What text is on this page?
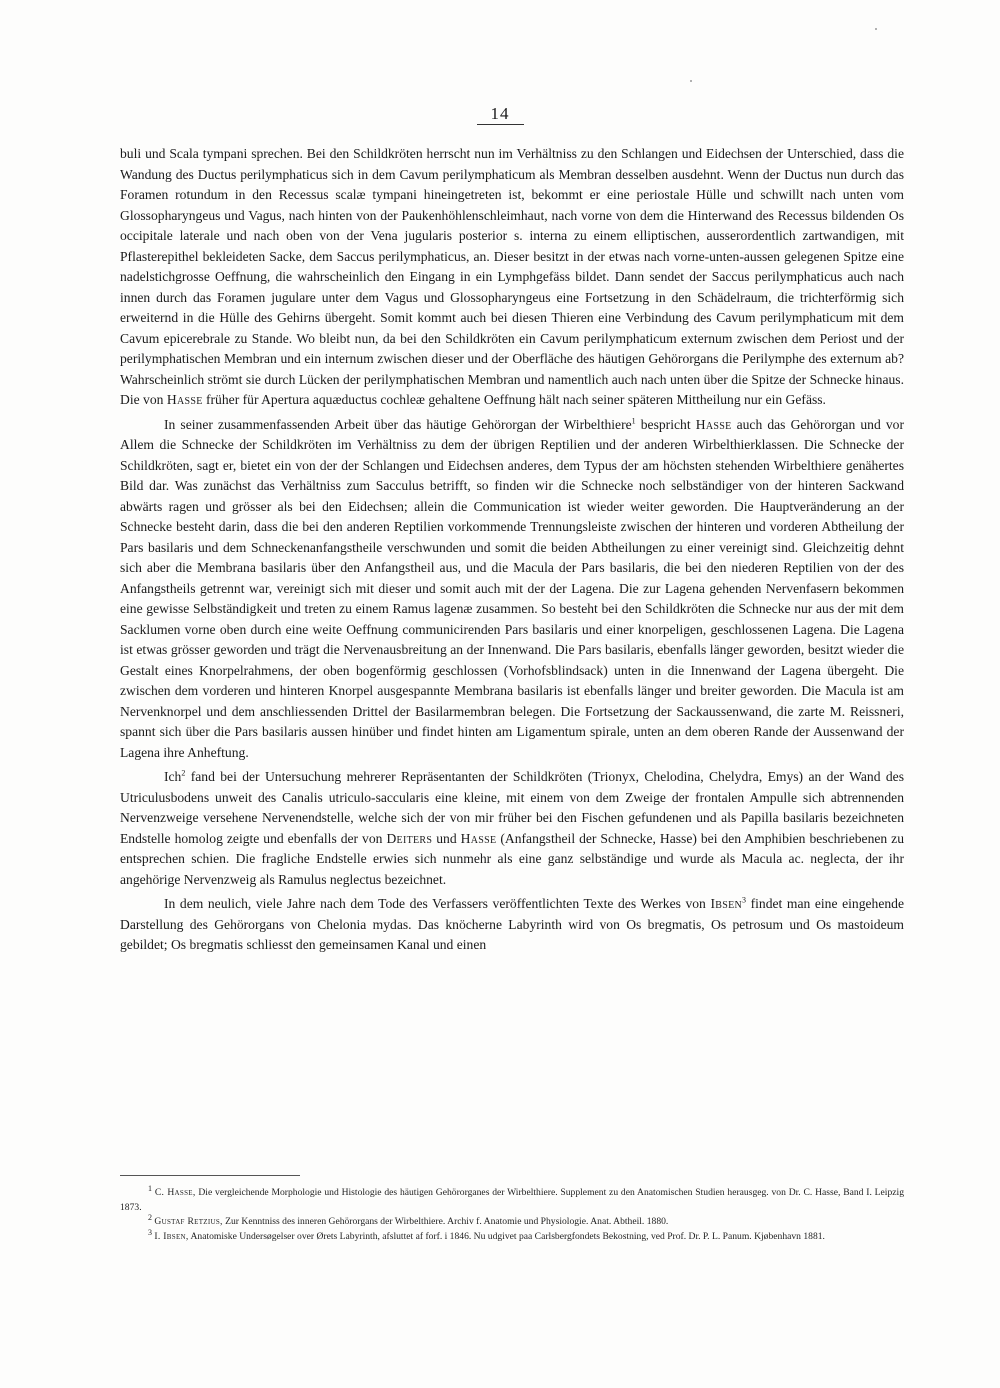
14

buli und Scala tympani sprechen. Bei den Schildkröten herrscht nun im Verhältniss zu den Schlangen und Eidechsen der Unterschied, dass die Wandung des Ductus perilymphaticus sich in dem Cavum perilymphaticum als Membran desselben ausdehnt. Wenn der Ductus nun durch das Foramen rotundum in den Recessus scalæ tympani hineingetreten ist, bekommt er eine periostale Hülle und schwillt nach unten vom Glossopharyngeus und Vagus, nach hinten von der Paukenhöhlenschleimhaut, nach vorne von dem die Hinterwand des Recessus bildenden Os occipitale laterale und nach oben von der Vena jugularis posterior s. interna zu einem elliptischen, ausserordentlich zartwandigen, mit Pflasterepithel bekleideten Sacke, dem Saccus perilymphaticus, an. Dieser besitzt in der etwas nach vorne-unten-aussen gelegenen Spitze eine nadelstichgrosse Oeffnung, die wahrscheinlich den Eingang in ein Lymphgefäss bildet. Dann sendet der Saccus perilymphaticus auch nach innen durch das Foramen jugulare unter dem Vagus und Glossopharyngeus eine Fortsetzung in den Schädelraum, die trichterförmig sich erweiternd in die Hülle des Gehirns übergeht. Somit kommt auch bei diesen Thieren eine Verbindung des Cavum perilymphaticum mit dem Cavum epicerebrale zu Stande. Wo bleibt nun, da bei den Schildkröten ein Cavum perilymphaticum externum zwischen dem Periost und der perilymphatischen Membran und ein internum zwischen dieser und der Oberfläche des häutigen Gehörorgans die Perilymphe des externum ab? Wahrscheinlich strömt sie durch Lücken der perilymphatischen Membran und namentlich auch nach unten über die Spitze der Schnecke hinaus. Die von Hasse früher für Apertura aquæductus cochleæ gehaltene Oeffnung hält nach seiner späteren Mittheilung nur ein Gefäss.

In seiner zusammenfassenden Arbeit über das häutige Gehörorgan der Wirbelthiere$^1$ bespricht Hasse auch das Gehörorgan und vor Allem die Schnecke der Schildkröten im Verhältniss zu dem der übrigen Reptilien und der anderen Wirbelthierklassen. Die Schnecke der Schildkröten, sagt er, bietet ein von der der Schlangen und Eidechsen anderes, dem Typus der am höchsten stehenden Wirbelthiere genähertes Bild dar. Was zunächst das Verhältniss zum Sacculus betrifft, so finden wir die Schnecke noch selbständiger von der hinteren Sackwand abwärts ragen und grösser als bei den Eidechsen; allein die Communication ist wieder weiter geworden. Die Hauptveränderung an der Schnecke besteht darin, dass die bei den anderen Reptilien vorkommende Trennungsleiste zwischen der hinteren und vorderen Abtheilung der Pars basilaris und dem Schneckenanfangstheile verschwunden und somit die beiden Abtheilungen zu einer vereinigt sind. Gleichzeitig dehnt sich aber die Membrana basilaris über den Anfangstheil aus, und die Macula der Pars basilaris, die bei den niederen Reptilien von der des Anfangstheils getrennt war, vereinigt sich mit dieser und somit auch mit der der Lagena. Die zur Lagena gehenden Nervenfasern bekommen eine gewisse Selbständigkeit und treten zu einem Ramus lagenæ zusammen. So besteht bei den Schildkröten die Schnecke nur aus der mit dem Sacklumen vorne oben durch eine weite Oeffnung communicirenden Pars basilaris und einer knorpeligen, geschlossenen Lagena. Die Lagena ist etwas grösser geworden und trägt die Nervenausbreitung an der Innenwand. Die Pars basilaris, ebenfalls länger geworden, besitzt wieder die Gestalt eines Knorpelrahmens, der oben bogenförmig geschlossen (Vorhofsblindsack) unten in die Innenwand der Lagena übergeht. Die zwischen dem vorderen und hinteren Knorpel ausgespannte Membrana basilaris ist ebenfalls länger und breiter geworden. Die Macula ist am Nervenknorpel und dem anschliessenden Drittel der Basilarmembran belegen. Die Fortsetzung der Sackaussenwand, die zarte M. Reissneri, spannt sich über die Pars basilaris aussen hinüber und findet hinten am Ligamentum spirale, unten an dem oberen Rande der Aussenwand der Lagena ihre Anheftung.

Ich$^2$ fand bei der Untersuchung mehrerer Repräsentanten der Schildkröten (Trionyx, Chelodina, Chelydra, Emys) an der Wand des Utriculusbodens unweit des Canalis utriculo-saccularis eine kleine, mit einem von dem Zweige der frontalen Ampulle sich abtrennenden Nervenzweige versehene Nervenendstelle, welche sich der von mir früher bei den Fischen gefundenen und als Papilla basilaris bezeichneten Endstelle homolog zeigte und ebenfalls der von Deiters und Hasse (Anfangstheil der Schnecke, Hasse) bei den Amphibien beschriebenen zu entsprechen schien. Die fragliche Endstelle erwies sich nunmehr als eine ganz selbständige und wurde als Macula ac. neglecta, der ihr angehörige Nervenzweig als Ramulus neglectus bezeichnet.

In dem neulich, viele Jahre nach dem Tode des Verfassers veröffentlichten Texte des Werkes von Ibsen$^3$ findet man eine eingehende Darstellung des Gehörorgans von Chelonia mydas. Das knöcherne Labyrinth wird von Os bregmatis, Os petrosum und Os mastoideum gebildet; Os bregmatis schliesst den gemeinsamen Kanal und einen

$^1$ C. Hasse, Die vergleichende Morphologie und Histologie des häutigen Gehörorganes der Wirbelthiere. Supplement zu den Anatomischen Studien herausgeg. von Dr. C. Hasse, Band I. Leipzig 1873.

$^2$ Gustaf Retzius, Zur Kenntniss des inneren Gehörorgans der Wirbelthiere. Archiv f. Anatomie und Physiologie. Anat. Abtheil. 1880.

$^3$ I. Ibsen, Anatomiske Undersøgelser over Ørets Labyrinth, afsluttet af forf. i 1846. Nu udgivet paa Carlsbergfondets Bekostning, ved Prof. Dr. P. L. Panum. Kjøbenhavn 1881.
